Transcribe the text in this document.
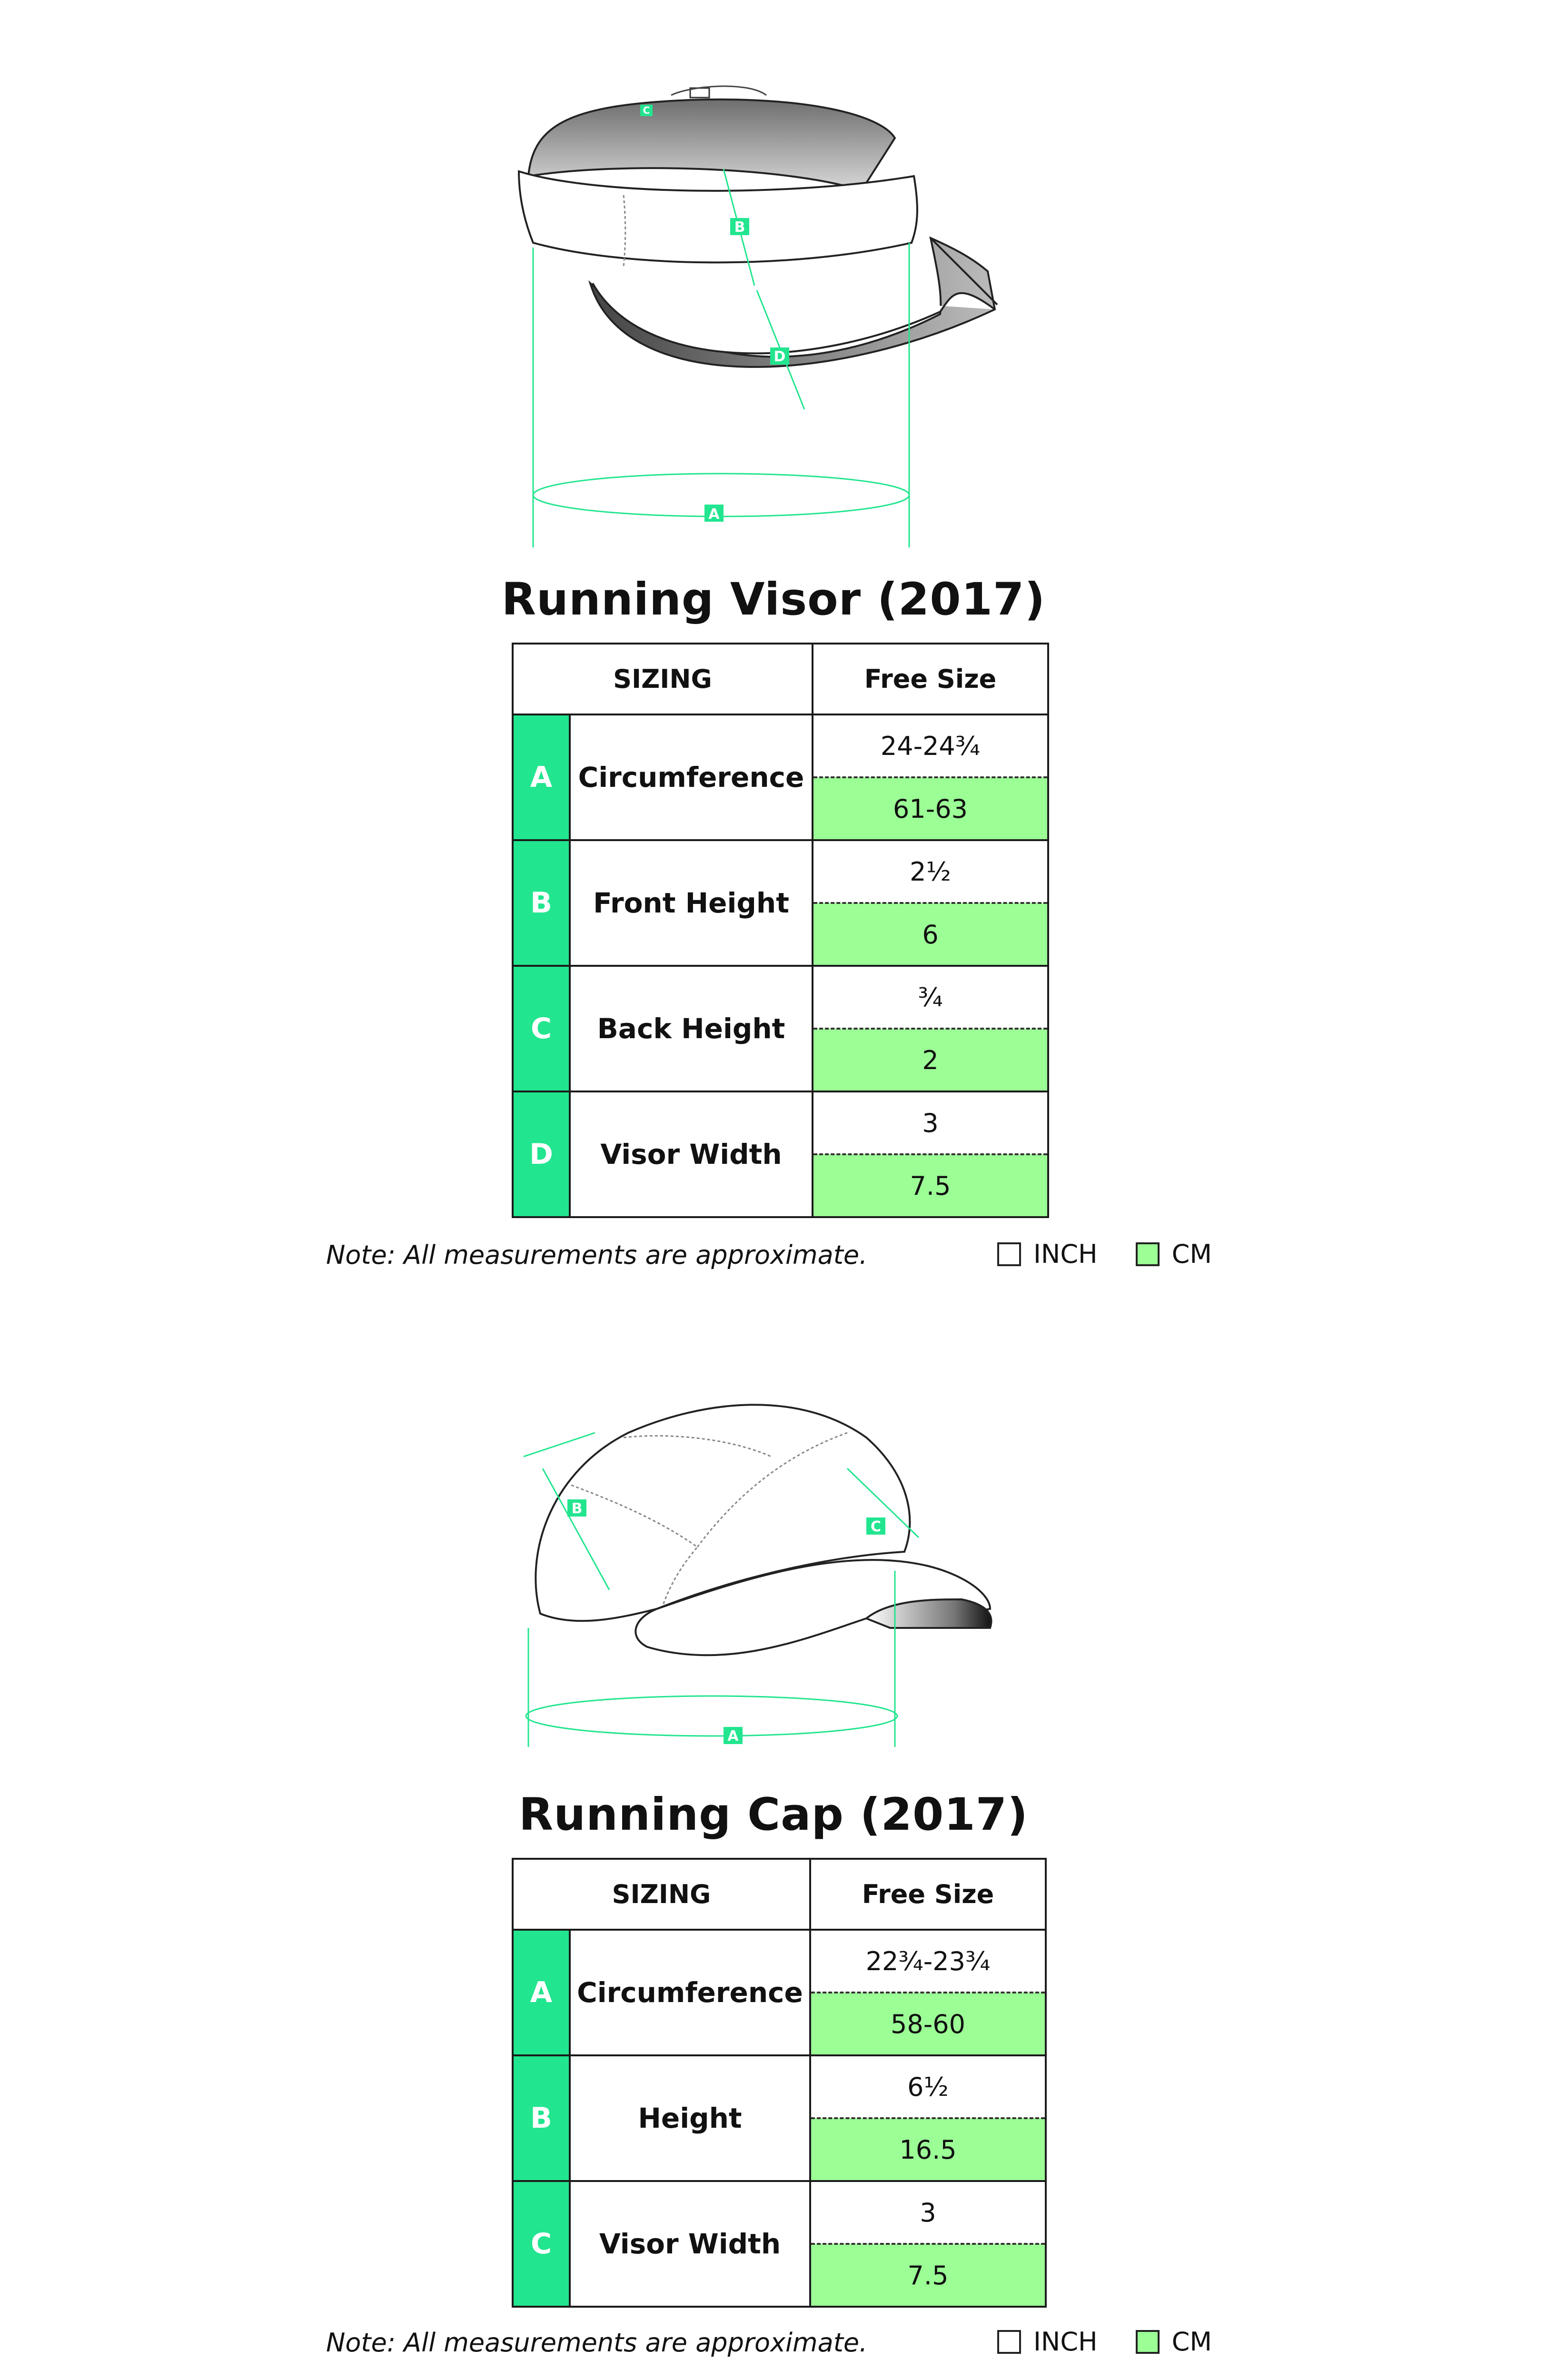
A
B
C
D
Running Visor (2017)
SIZING		Free Size
A	Circumference	24-24¾
		61-63
B	Front Height	2½
		6
C	Back Height	¾
		2
D	Visor Width	3
		7.5
Note: All measurements are approximate.	INCH	CM
A
B
C
Running Cap (2017)
SIZING		Free Size
A	Circumference	22¾-23¾
		58-60
B	Height	6½
		16.5
C	Visor Width	3
		7.5
Note: All measurements are approximate.	INCH	CM
